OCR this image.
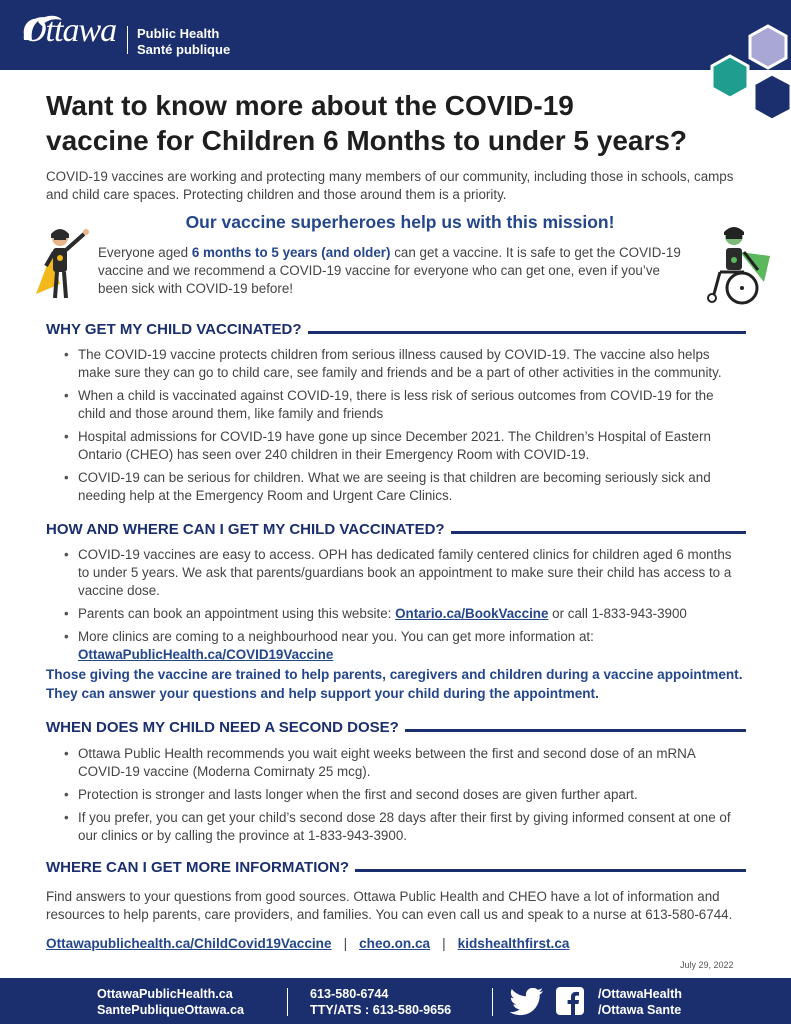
Ottawa Public Health
Santé publique
Want to know more about the COVID-19
vaccine for Children 6 Months to under 5 years?

COVID-19 vaccines are working and protecting many members of our community, including those in schools, camps and child care spaces. Protecting children and those around them is a priority.

Our vaccine superheroes help us with this mission!

Everyone aged 6 months to 5 years (and older) can get a vaccine. It is safe to get the COVID-19 vaccine and we recommend a COVID-19 vaccine for everyone who can get one, even if you’ve been sick with COVID-19 before!

WHY GET MY CHILD VACCINATED?
• The COVID-19 vaccine protects children from serious illness caused by COVID-19. The vaccine also helps make sure they can go to child care, see family and friends and be a part of other activities in the community.
• When a child is vaccinated against COVID-19, there is less risk of serious outcomes from COVID-19 for the child and those around them, like family and friends
• Hospital admissions for COVID-19 have gone up since December 2021. The Children’s Hospital of Eastern Ontario (CHEO) has seen over 240 children in their Emergency Room with COVID-19.
• COVID-19 can be serious for children. What we are seeing is that children are becoming seriously sick and needing help at the Emergency Room and Urgent Care Clinics.
HOW AND WHERE CAN I GET MY CHILD VACCINATED?
• COVID-19 vaccines are easy to access. OPH has dedicated family centered clinics for children aged 6 months to under 5 years. We ask that parents/guardians book an appointment to make sure their child has access to a vaccine dose.
• Parents can book an appointment using this website: Ontario.ca/BookVaccine or call 1-833-943-3900
• More clinics are coming to a neighbourhood near you. You can get more information at:
OttawaPublicHealth.ca/COVID19Vaccine

Those giving the vaccine are trained to help parents, caregivers and children during a vaccine appointment. They can answer your questions and help support your child during the appointment.

WHEN DOES MY CHILD NEED A SECOND DOSE?
• Ottawa Public Health recommends you wait eight weeks between the first and second dose of an mRNA COVID-19 vaccine (Moderna Comirnaty 25 mcg).
• Protection is stronger and lasts longer when the first and second doses are given further apart.
• If you prefer, you can get your child’s second dose 28 days after their first by giving informed consent at one of our clinics or by calling the province at 1-833-943-3900.
WHERE CAN I GET MORE INFORMATION?

Find answers to your questions from good sources. Ottawa Public Health and CHEO have a lot of information and resources to help parents, care providers, and families. You can even call us and speak to a nurse at 613-580-6744.

Ottawapublichealth.ca/ChildCovid19Vaccine | cheo.on.ca | kidshealthfirst.ca
July 29, 2022
OttawaPublicHealth.ca
SantePubliqueOttawa.ca
613-580-6744
TTY/ATS : 613-580-9656
/OttawaHealth
/Ottawa Sante
